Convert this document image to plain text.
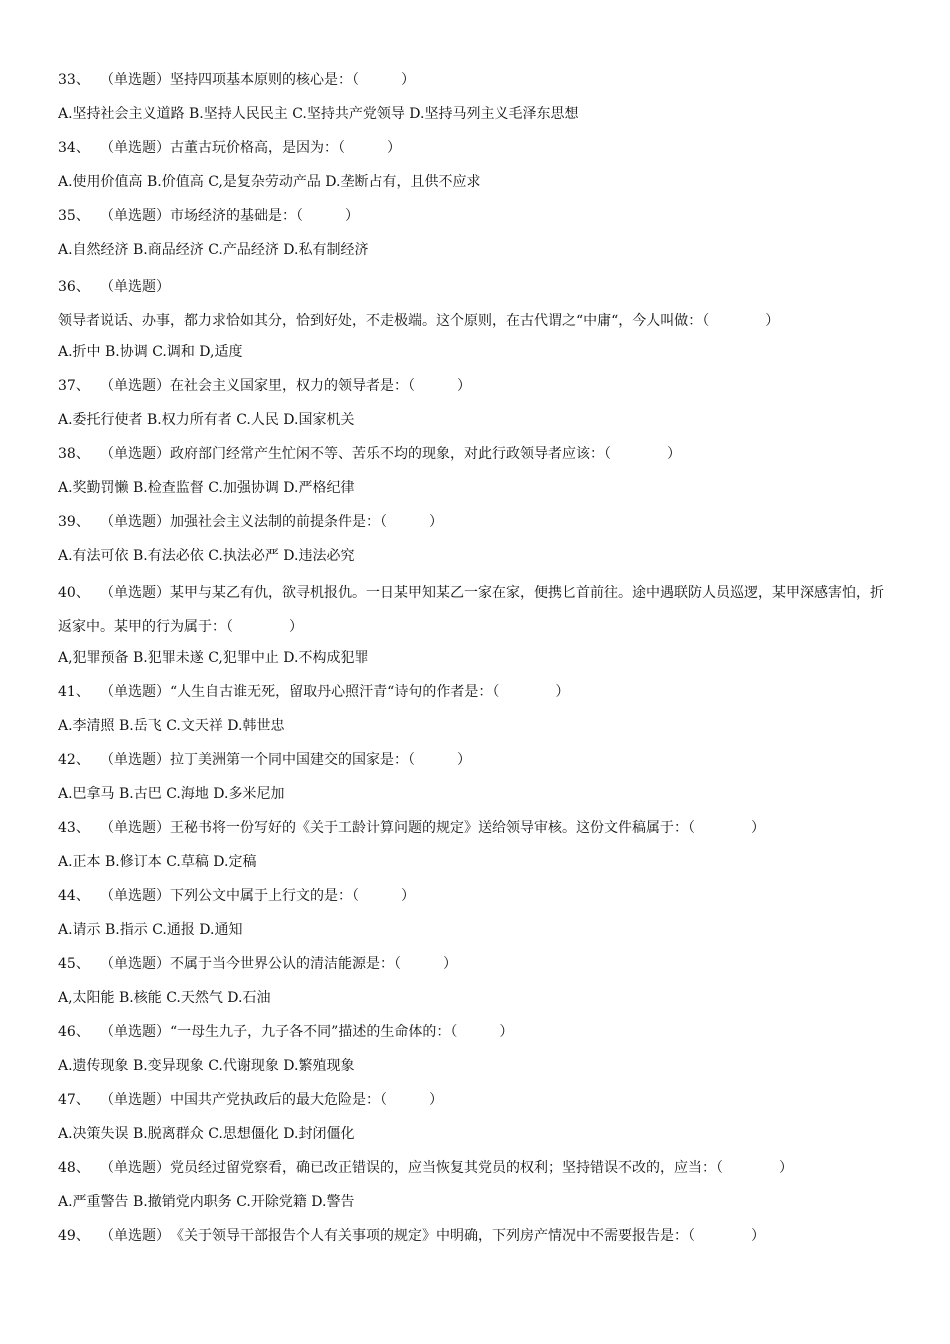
33、 （单选题）坚持四项基本原则的核心是：（　　　）
A.坚持社会主义道路 B.坚持人民民主 C.坚持共产党领导 D.坚持马列主义毛泽东思想
34、 （单选题）古董古玩价格高，是因为：（　　　）
A.使用价值高 B.价值高 C,是复杂劳动产品 D.垄断占有，且供不应求
35、 （单选题）市场经济的基础是：（　　　）
A.自然经济 B.商品经济 C.产品经济 D.私有制经济
36、 （单选题）领导者说话、办事，都力求恰如其分，恰到好处，不走极端。这个原则，在古代谓之“中庸“，今人叫做：（　　　　）
A.折中 B.协调 C.调和 D,适度
37、 （单选题）在社会主义国家里，权力的领导者是：（　　　）
A.委托行使者 B.权力所有者 C.人民 D.国家机关
38、 （单选题）政府部门经常产生忙闲不等、苦乐不均的现象，对此行政领导者应该：（　　　　）
A.奖勤罚懒 B.检查监督 C.加强协调 D.严格纪律
39、 （单选题）加强社会主义法制的前提条件是：（　　　）
A.有法可依 B.有法必依 C.执法必严 D.违法必究
40、 （单选题）某甲与某乙有仇，欲寻机报仇。一日某甲知某乙一家在家，便携匕首前往。途中遇联防人员巡逻，某甲深感害怕，折返家中。某甲的行为属于：（　　　　）
A,犯罪预备 B.犯罪未遂 C,犯罪中止 D.不构成犯罪
41、 （单选题）“人生自古谁无死，留取丹心照汗青“诗句的作者是：（　　　　）
A.李清照 B.岳飞 C.文天祥 D.韩世忠
42、 （单选题）拉丁美洲第一个同中国建交的国家是：（　　　）
A.巴拿马 B.古巴 C.海地 D.多米尼加
43、 （单选题）王秘书将一份写好的《关于工龄计算问题的规定》送给领导审核。这份文件稿属于：（　　　　）
A.正本 B.修订本 C.草稿 D.定稿
44、 （单选题）下列公文中属于上行文的是：（　　　）
A.请示 B.指示 C.通报 D.通知
45、 （单选题）不属于当今世界公认的清洁能源是：（　　　）
A,太阳能 B.核能 C.天然气 D.石油
46、 （单选题）“一母生九子，九子各不同”描述的生命体的：（　　　）
A.遗传现象 B.变异现象 C.代谢现象 D.繁殖现象
47、 （单选题）中国共产党执政后的最大危险是：（　　　）
A.决策失误 B.脱离群众 C.思想僵化 D.封闭僵化
48、 （单选题）党员经过留党察看，确已改正错误的，应当恢复其党员的权利；坚持错误不改的，应当：（　　　　）
A.严重警告 B.撤销党内职务 C.开除党籍 D.警告
49、 （单选题）《关于领导干部报告个人有关事项的规定》中明确，下列房产情况中不需要报告是：（　　　　）
